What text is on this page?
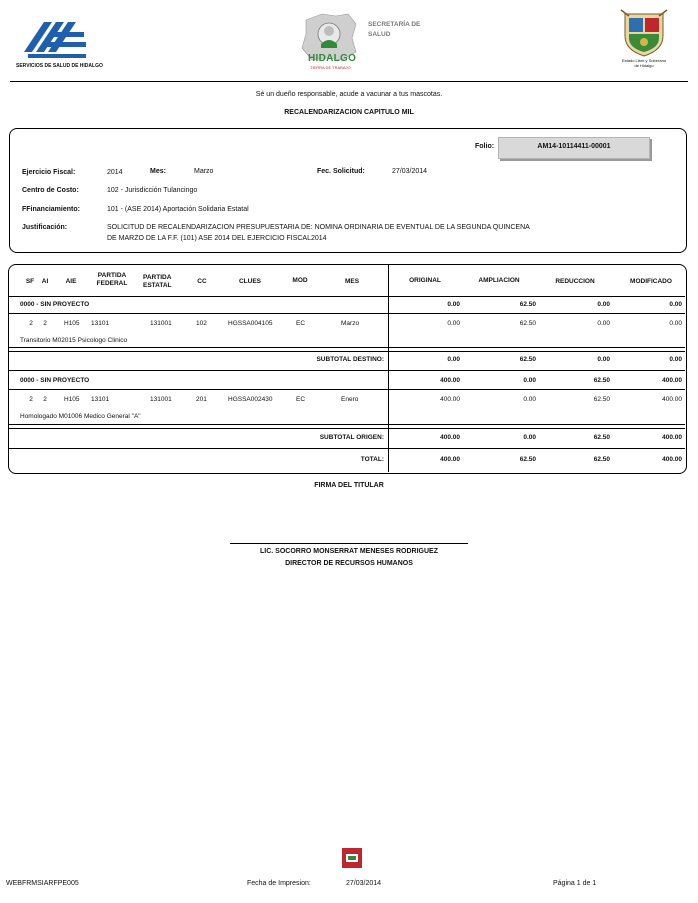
SERVICIOS DE SALUD DE HIDALGO
HIDALGO
TIERRA DE TRABAJO
SECRETARÍA DE
SALUD
Estado Libre y Soberano
de Hidalgo
Sé un dueño responsable, acude a vacunar a tus mascotas.
RECALENDARIZACION CAPITULO MIL
Folio:	AM14-10114411-00001
Ejercicio Fiscal:	2014	Mes:	Marzo	Fec. Solicitud:	27/03/2014
Centro de Costo:	102 - Jurisdicción Tulancingo
FFinanciamiento:	101 - (ASE 2014) Aportación Solidaria Estatal
Justificación:	SOLICITUD DE RECALENDARIZACION PRESUPUESTARIA DE: NOMINA ORDINARIA DE EVENTUAL DE LA SEGUNDA QUINCENA
DE MARZO DE LA F.F. (101) ASE 2014 DEL EJERCICIO FISCAL2014
SF	AI	AIE
PARTIDA
FEDERAL
PARTIDA
ESTATAL
CC	CLUES	MOD	MES	ORIGINAL	AMPLIACION	REDUCCION	MODIFICADO
0000 - SIN PROYECTO	0.00	62.50	0.00	0.00
2	2	H105 13101	131001	102	HGSSA004105	EC	Marzo	0.00	62.50	0.00	0.00
Transitorio M02015 Psicologo Clinico
SUBTOTAL DESTINO:	0.00	62.50	0.00	0.00
0000 - SIN PROYECTO	400.00	0.00	62.50	400.00
2	2	H105 13101	131001	201	HGSSA002430	EC	Enero	400.00	0.00	62.50	400.00
Homologado M01006 Medico General "A"
SUBTOTAL ORIGEN:	400.00	0.00	62.50	400.00
TOTAL:	400.00	62.50	62.50	400.00
FIRMA DEL TITULAR
LIC. SOCORRO MONSERRAT MENESES RODRIGUEZ
DIRECTOR DE RECURSOS HUMANOS
WEBFRMSIARFPE005	Fecha de Impresion:	27/03/2014	Página 1 de 1
